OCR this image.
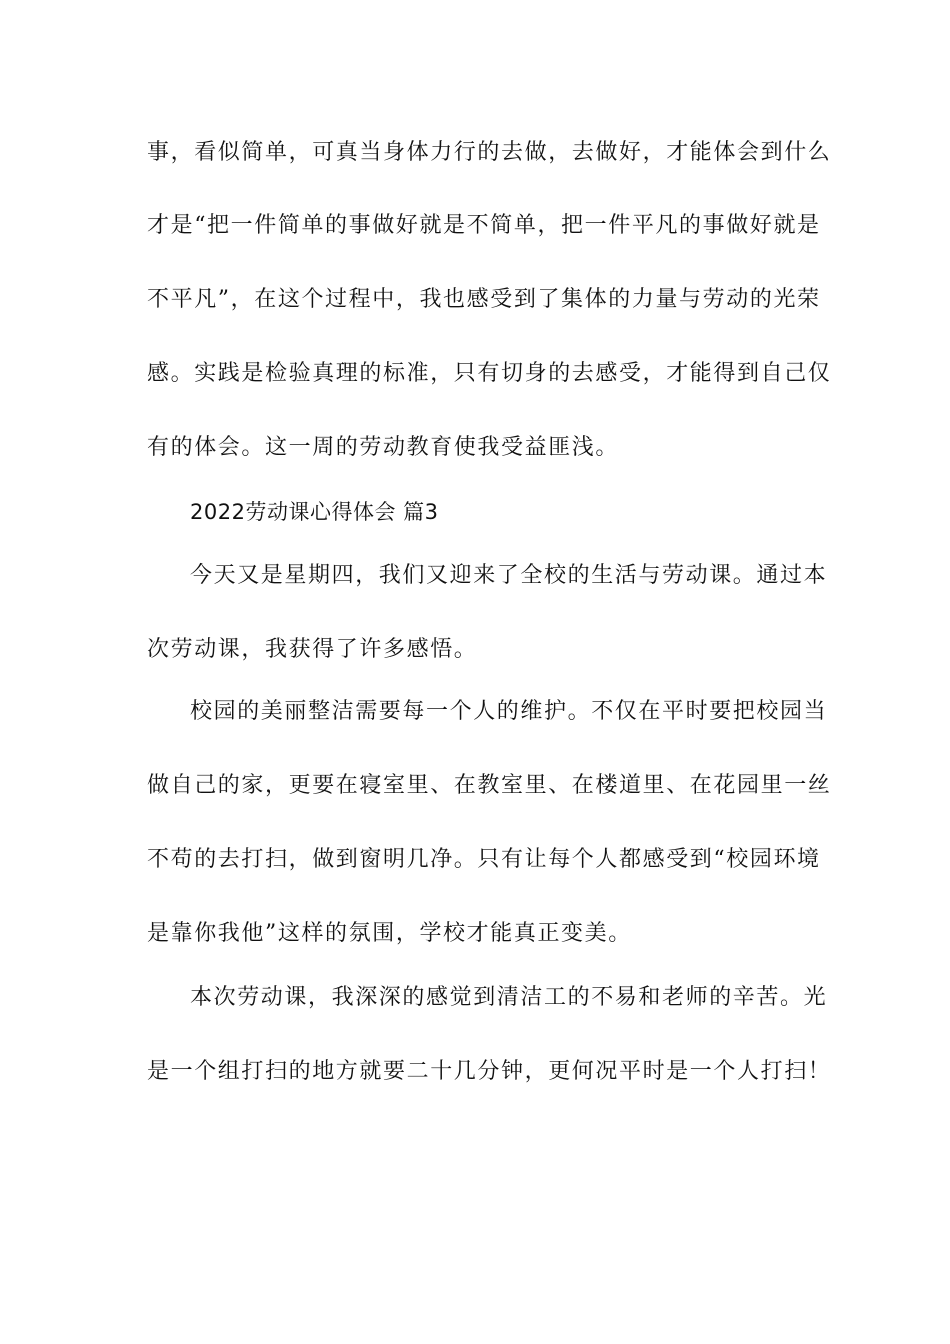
事，看似简单，可真当身体力行的去做，去做好，才能体会到什么
才是“把一件简单的事做好就是不简单，把一件平凡的事做好就是
不平凡”，在这个过程中，我也感受到了集体的力量与劳动的光荣
感。实践是检验真理的标准，只有切身的去感受，才能得到自己仅
有的体会。这一周的劳动教育使我受益匪浅。
2022劳动课心得体会 篇3
今天又是星期四，我们又迎来了全校的生活与劳动课。通过本
次劳动课，我获得了许多感悟。
校园的美丽整洁需要每一个人的维护。不仅在平时要把校园当
做自己的家，更要在寝室里、在教室里、在楼道里、在花园里一丝
不苟的去打扫，做到窗明几净。只有让每个人都感受到“校园环境
是靠你我他”这样的氛围，学校才能真正变美。
本次劳动课，我深深的感觉到清洁工的不易和老师的辛苦。光
是一个组打扫的地方就要二十几分钟，更何况平时是一个人打扫！
